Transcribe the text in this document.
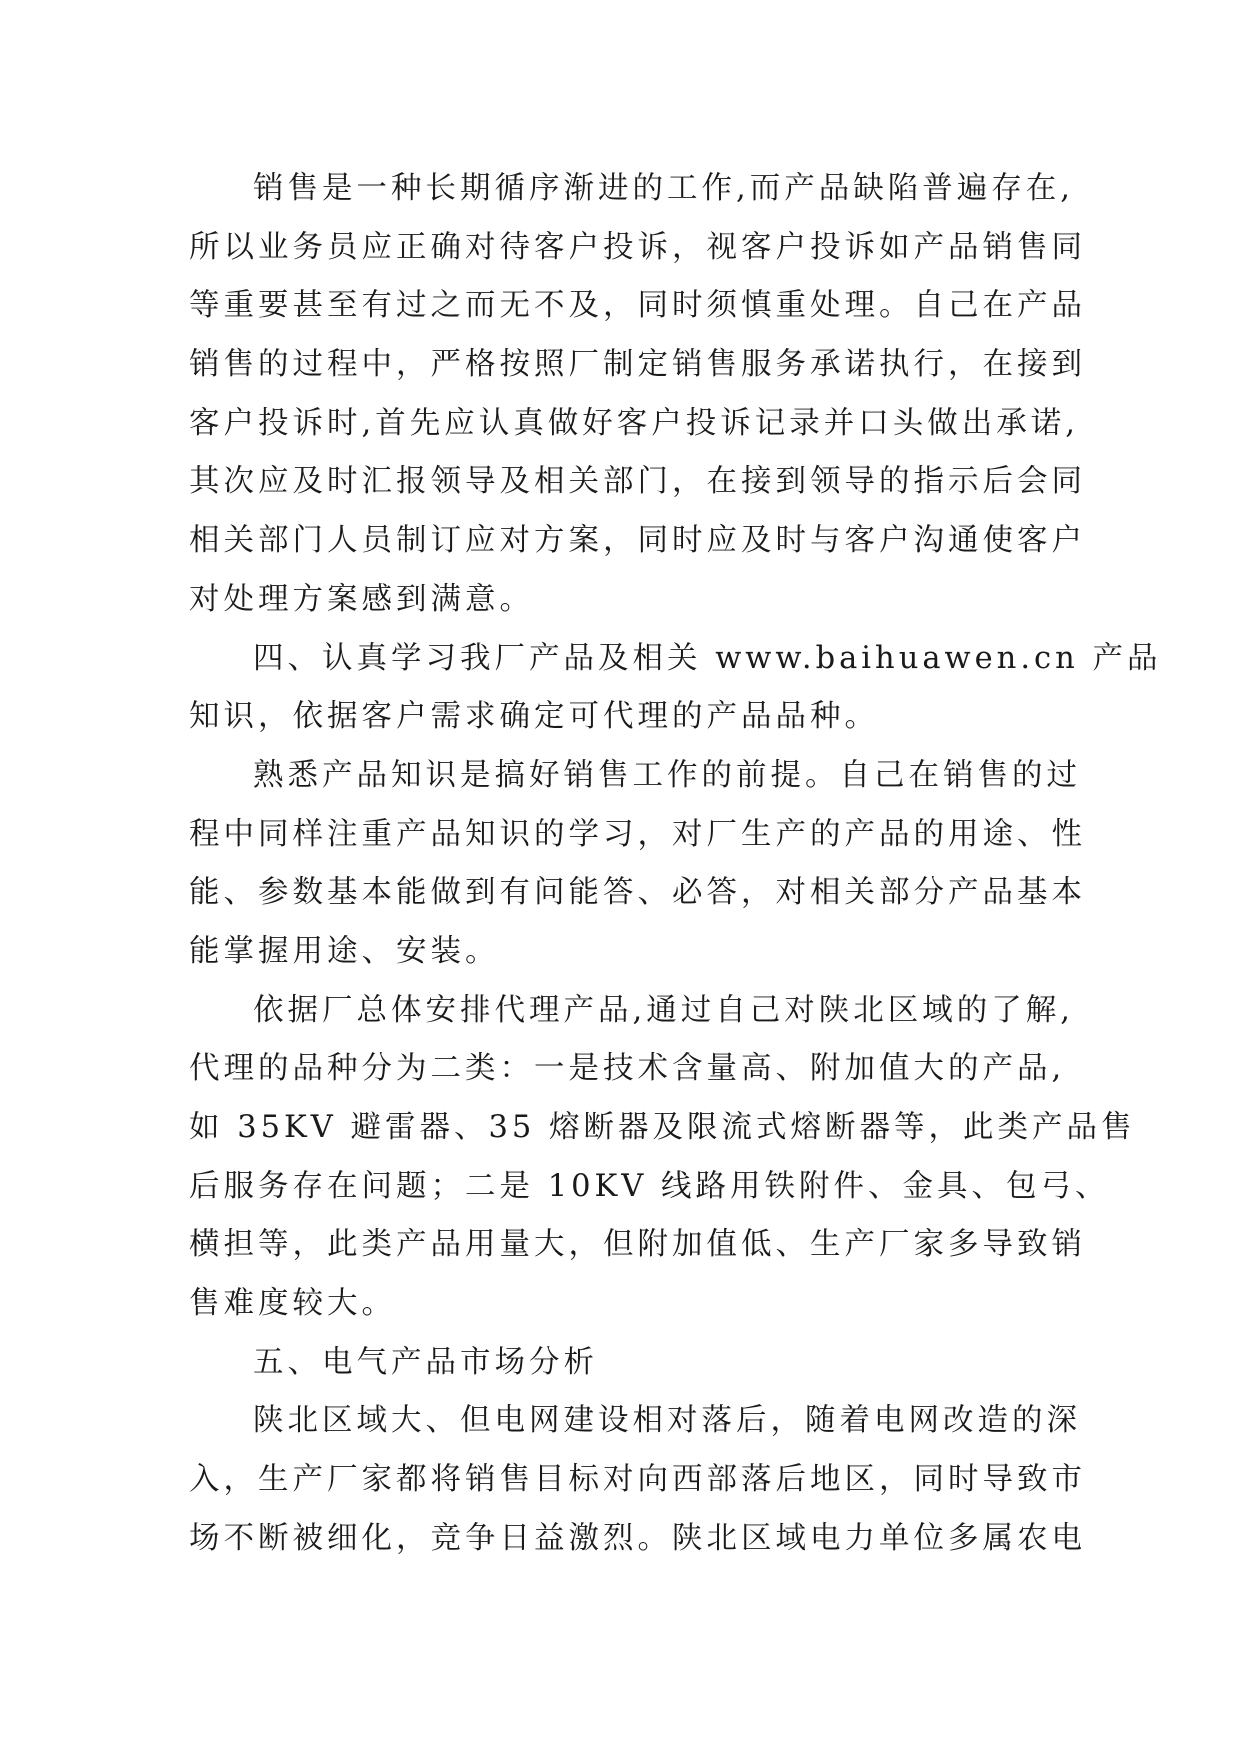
销售是一种长期循序渐进的工作,而产品缺陷普遍存在,
所以业务员应正确对待客户投诉，视客户投诉如产品销售同
等重要甚至有过之而无不及，同时须慎重处理。自己在产品
销售的过程中，严格按照厂制定销售服务承诺执行，在接到
客户投诉时,首先应认真做好客户投诉记录并口头做出承诺,
其次应及时汇报领导及相关部门，在接到领导的指示后会同
相关部门人员制订应对方案，同时应及时与客户沟通使客户
对处理方案感到满意。
四、认真学习我厂产品及相关 www.baihuawen.cn 产品
知识，依据客户需求确定可代理的产品品种。
熟悉产品知识是搞好销售工作的前提。自己在销售的过
程中同样注重产品知识的学习，对厂生产的产品的用途、性
能、参数基本能做到有问能答、必答，对相关部分产品基本
能掌握用途、安装。
依据厂总体安排代理产品,通过自己对陕北区域的了解,
代理的品种分为二类：一是技术含量高、附加值大的产品,
如 35KV 避雷器、35 熔断器及限流式熔断器等，此类产品售
后服务存在问题；二是 10KV 线路用铁附件、金具、包弓、
横担等，此类产品用量大，但附加值低、生产厂家多导致销
售难度较大。
五、电气产品市场分析
陕北区域大、但电网建设相对落后，随着电网改造的深
入，生产厂家都将销售目标对向西部落后地区，同时导致市
场不断被细化，竞争日益激烈。陕北区域电力单位多属农电
